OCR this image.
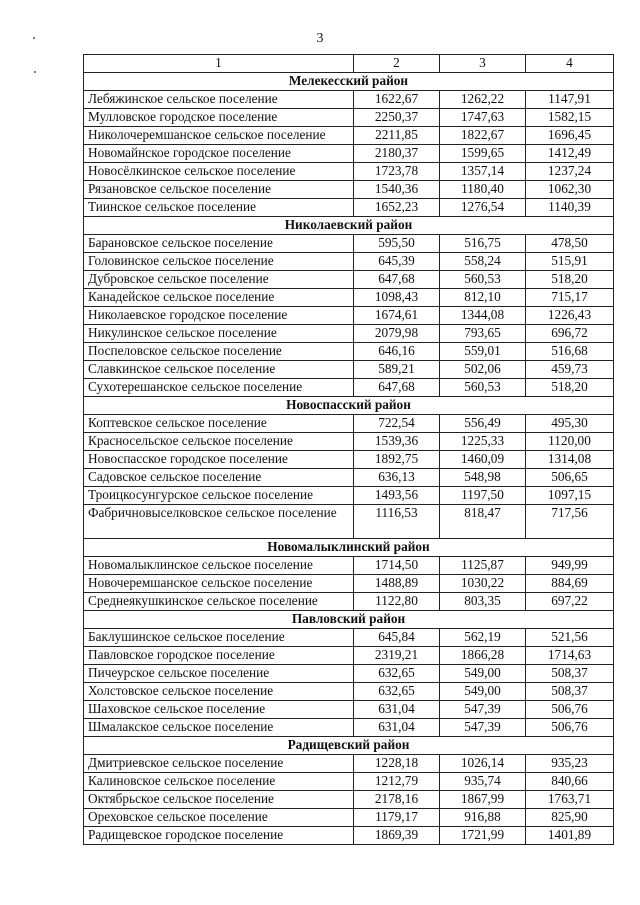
3
1	2	3	4
Мелекесский район			
Лебяжинское сельское поселение	1622,67	1262,22	1147,91
Мулловское городское поселение	2250,37	1747,63	1582,15
Николочеремшанское сельское поселение	2211,85	1822,67	1696,45
Новомайнское городское поселение	2180,37	1599,65	1412,49
Новосёлкинское сельское поселение	1723,78	1357,14	1237,24
Рязановское сельское поселение	1540,36	1180,40	1062,30
Тиинское сельское поселение	1652,23	1276,54	1140,39
Николаевский район			
Барановское сельское поселение	595,50	516,75	478,50
Головинское сельское поселение	645,39	558,24	515,91
Дубровское сельское поселение	647,68	560,53	518,20
Канадейское сельское поселение	1098,43	812,10	715,17
Николаевское городское поселение	1674,61	1344,08	1226,43
Никулинское сельское поселение	2079,98	793,65	696,72
Поспеловское сельское поселение	646,16	559,01	516,68
Славкинское сельское поселение	589,21	502,06	459,73
Сухотерешанское сельское поселение	647,68	560,53	518,20
Новоспасский район			
Коптевское сельское поселение	722,54	556,49	495,30
Красносельское сельское поселение	1539,36	1225,33	1120,00
Новоспасское городское поселение	1892,75	1460,09	1314,08
Садовское сельское поселение	636,13	548,98	506,65
Троицкосунгурское сельское поселение	1493,56	1197,50	1097,15
Фабричновыселковское сельское поселение	1116,53	818,47	717,56
Новомалыклинский район			
Новомалыклинское сельское поселение	1714,50	1125,87	949,99
Новочеремшанское сельское поселение	1488,89	1030,22	884,69
Среднеякушкинское сельское поселение	1122,80	803,35	697,22
Павловский район			
Баклушинское сельское поселение	645,84	562,19	521,56
Павловское городское поселение	2319,21	1866,28	1714,63
Пичеурское сельское поселение	632,65	549,00	508,37
Холстовское сельское поселение	632,65	549,00	508,37
Шаховское сельское поселение	631,04	547,39	506,76
Шмалакское сельское поселение	631,04	547,39	506,76
Радищевский район			
Дмитриевское сельское поселение	1228,18	1026,14	935,23
Калиновское сельское поселение	1212,79	935,74	840,66
Октябрьское сельское поселение	2178,16	1867,99	1763,71
Ореховское сельское поселение	1179,17	916,88	825,90
Радищевское городское поселение	1869,39	1721,99	1401,89
